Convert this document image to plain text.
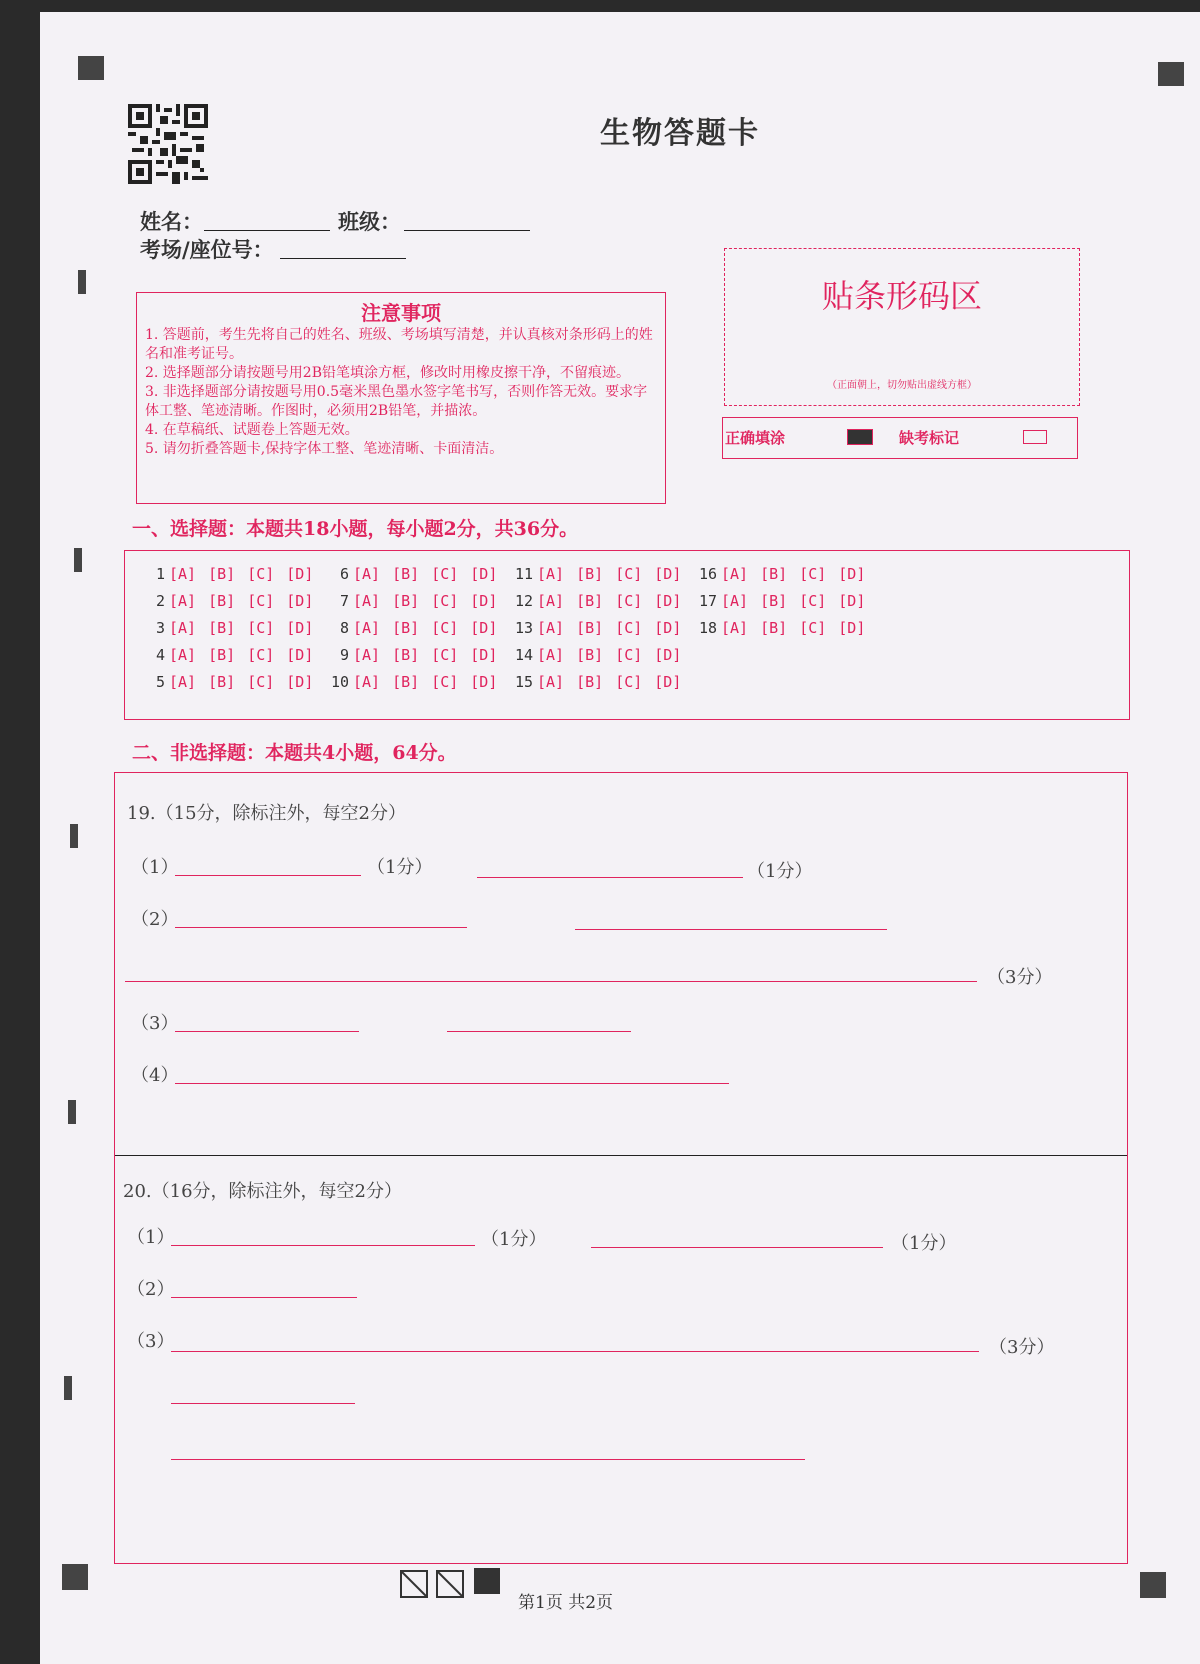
生物答题卡
姓名：	班级：
考场/座位号：
注意事项
1. 答题前，考生先将自己的姓名、班级、考场填写清楚，并认真核对条形码上的姓名和准考证号。
2. 选择题部分请按题号用2B铅笔填涂方框，修改时用橡皮擦干净，不留痕迹。
3. 非选择题部分请按题号用0.5毫米黑色墨水签字笔书写，否则作答无效。要求字体工整、笔迹清晰。作图时，必须用2B铅笔，并描浓。
4. 在草稿纸、试题卷上答题无效。
5. 请勿折叠答题卡,保持字体工整、笔迹清晰、卡面清洁。
贴条形码区
（正面朝上，切勿贴出虚线方框）
正确填涂	缺考标记
一、选择题：本题共18小题，每小题2分，共36分。
1 [A] [B] [C] [D]
2 [A] [B] [C] [D]
3 [A] [B] [C] [D]
4 [A] [B] [C] [D]
5 [A] [B] [C] [D]
6 [A] [B] [C] [D]
7 [A] [B] [C] [D]
8 [A] [B] [C] [D]
9 [A] [B] [C] [D]
10 [A] [B] [C] [D]
11 [A] [B] [C] [D]
12 [A] [B] [C] [D]
13 [A] [B] [C] [D]
14 [A] [B] [C] [D]
15 [A] [B] [C] [D]
16 [A] [B] [C] [D]
17 [A] [B] [C] [D]
18 [A] [B] [C] [D]
二、非选择题：本题共4小题，64分。
19.（15分，除标注外，每空2分）
（1）	（1分）	（1分）
（2）
（3分）
（3）
（4）
20.（16分，除标注外，每空2分）
（1）	（1分）	（1分）
（2）
（3）	（3分）
第1页 共2页
